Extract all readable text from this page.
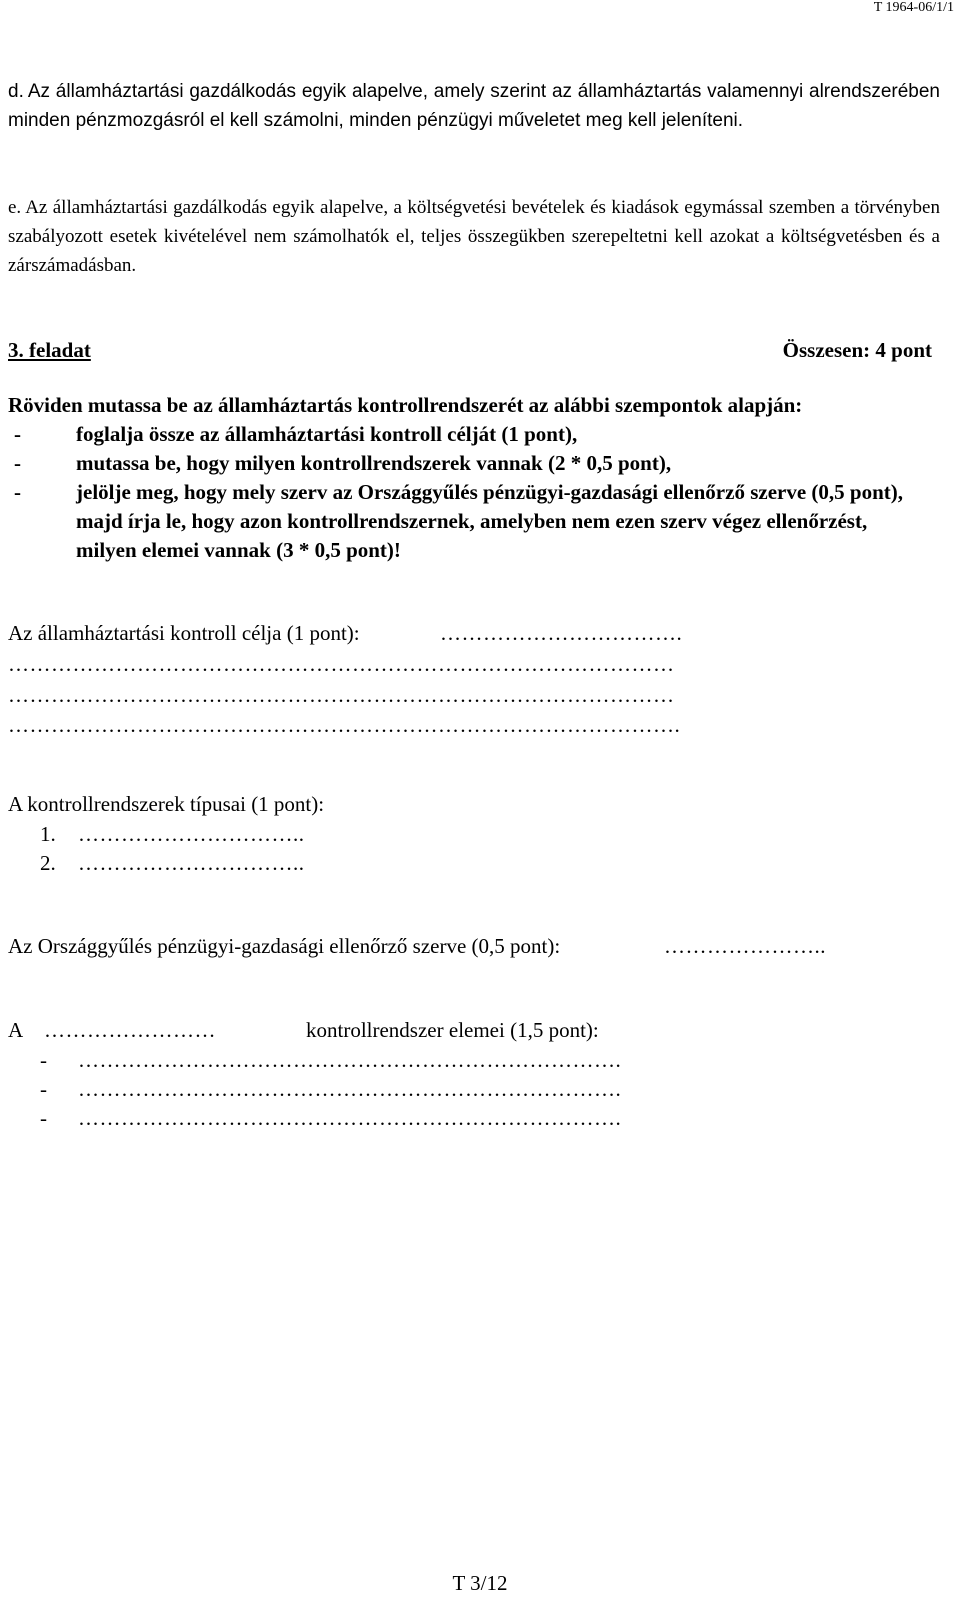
T 1964-06/1/1

d. Az államháztartási gazdálkodás egyik alapelve, amely szerint az államháztartás valamennyi alrendszerében minden pénzmozgásról el kell számolni, minden pénzügyi műveletet meg kell jeleníteni.

e. Az államháztartási gazdálkodás egyik alapelve, a költségvetési bevételek és kiadások egymással szemben a törvényben szabályozott esetek kivételével nem számolhatók el, teljes összegükben szerepeltetni kell azokat a költségvetésben és a zárszámadásban.

3. feladat	Összesen: 4 pont
Röviden mutassa be az államháztartás kontrollrendszerét az alábbi szempontok alapján:
-	foglalja össze az államháztartási kontroll célját (1 pont),
-	mutassa be, hogy milyen kontrollrendszerek vannak (2 * 0,5 pont),
-	jelölje meg, hogy mely szerv az Országgyűlés pénzügyi-gazdasági ellenőrző szerve (0,5 pont), majd írja le, hogy azon kontrollrendszernek, amelyben nem ezen szerv végez ellenőrzést, milyen elemei vannak (3 * 0,5 pont)!
Az államháztartási kontroll célja (1 pont):	…………………………….
…………………………………………………………………………………
…………………………………………………………………………………
………………………………………………………………………………….
A kontrollrendszerek típusai (1 pont):
1. …………………………..
2. …………………………..
Az Országgyűlés pénzügyi-gazdasági ellenőrző szerve (0,5 pont):	…………………..
A ……………………	kontrollrendszer elemei (1,5 pont):
- ………………………………………………………………….
- ………………………………………………………………….
- ………………………………………………………………….
T 3/12
